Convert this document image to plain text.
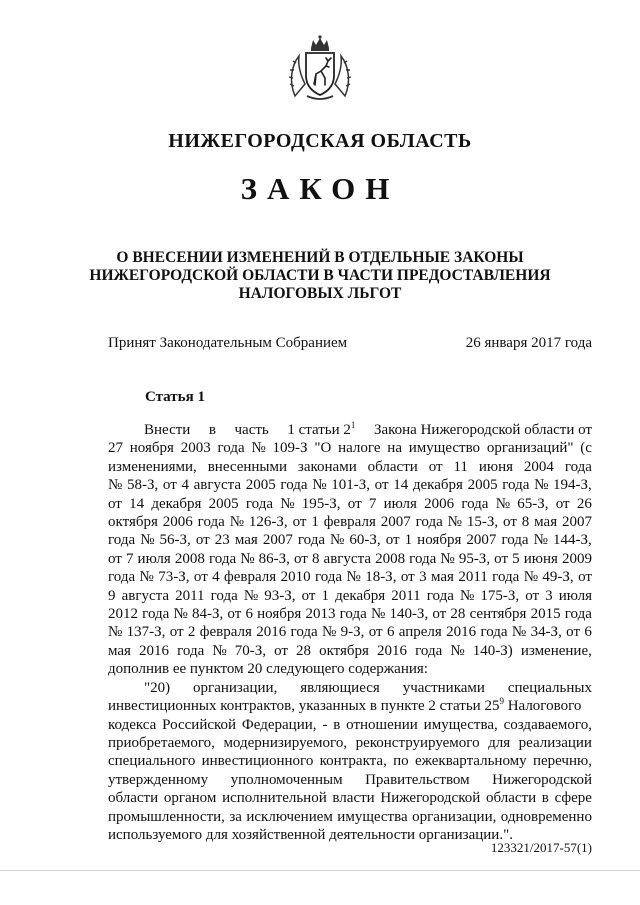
НИЖЕГОРОДСКАЯ ОБЛАСТЬ
ЗАКОН
О ВНЕСЕНИИ ИЗМЕНЕНИЙ В ОТДЕЛЬНЫЕ ЗАКОНЫ
НИЖЕГОРОДСКОЙ ОБЛАСТИ В ЧАСТИ ПРЕДОСТАВЛЕНИЯ
НАЛОГОВЫХ ЛЬГОТ
Принят Законодательным Собранием	26 января 2017 года
Статья 1
Внести в часть 1 статьи $2^1$ Закона Нижегородской области от
27 ноября 2003 года № 109-З "О налоге на имущество организаций" (с
изменениями, внесенными законами области от 11 июня 2004 года
№ 58-З, от 4 августа 2005 года № 101-З, от 14 декабря 2005 года № 194-З,
от 14 декабря 2005 года № 195-З, от 7 июля 2006 года № 65-З, от 26
октября 2006 года № 126-З, от 1 февраля 2007 года № 15-З, от 8 мая 2007
года № 56-З, от 23 мая 2007 года № 60-З, от 1 ноября 2007 года № 144-З,
от 7 июля 2008 года № 86-З, от 8 августа 2008 года № 95-З, от 5 июня 2009
года № 73-З, от 4 февраля 2010 года № 18-З, от 3 мая 2011 года № 49-З, от
9 августа 2011 года № 93-З, от 1 декабря 2011 года № 175-З, от 3 июля
2012 года № 84-З, от 6 ноября 2013 года № 140-З, от 28 сентября 2015 года
№ 137-З, от 2 февраля 2016 года № 9-З, от 6 апреля 2016 года № 34-З, от 6
мая 2016 года № 70-З, от 28 октября 2016 года № 140-З) изменение,
дополнив ее пунктом 20 следующего содержания:
"20) организации, являющиеся участниками специальных
инвестиционных контрактов, указанных в пункте 2 статьи $25^9$ Налогового
кодекса Российской Федерации, - в отношении имущества, создаваемого,
приобретаемого, модернизируемого, реконструируемого для реализации
специального инвестиционного контракта, по ежеквартальному перечню,
утвержденному уполномоченным Правительством Нижегородской
области органом исполнительной власти Нижегородской области в сфере
промышленности, за исключением имущества организации, одновременно
используемого для хозяйственной деятельности организации.".
123321/2017-57(1)
